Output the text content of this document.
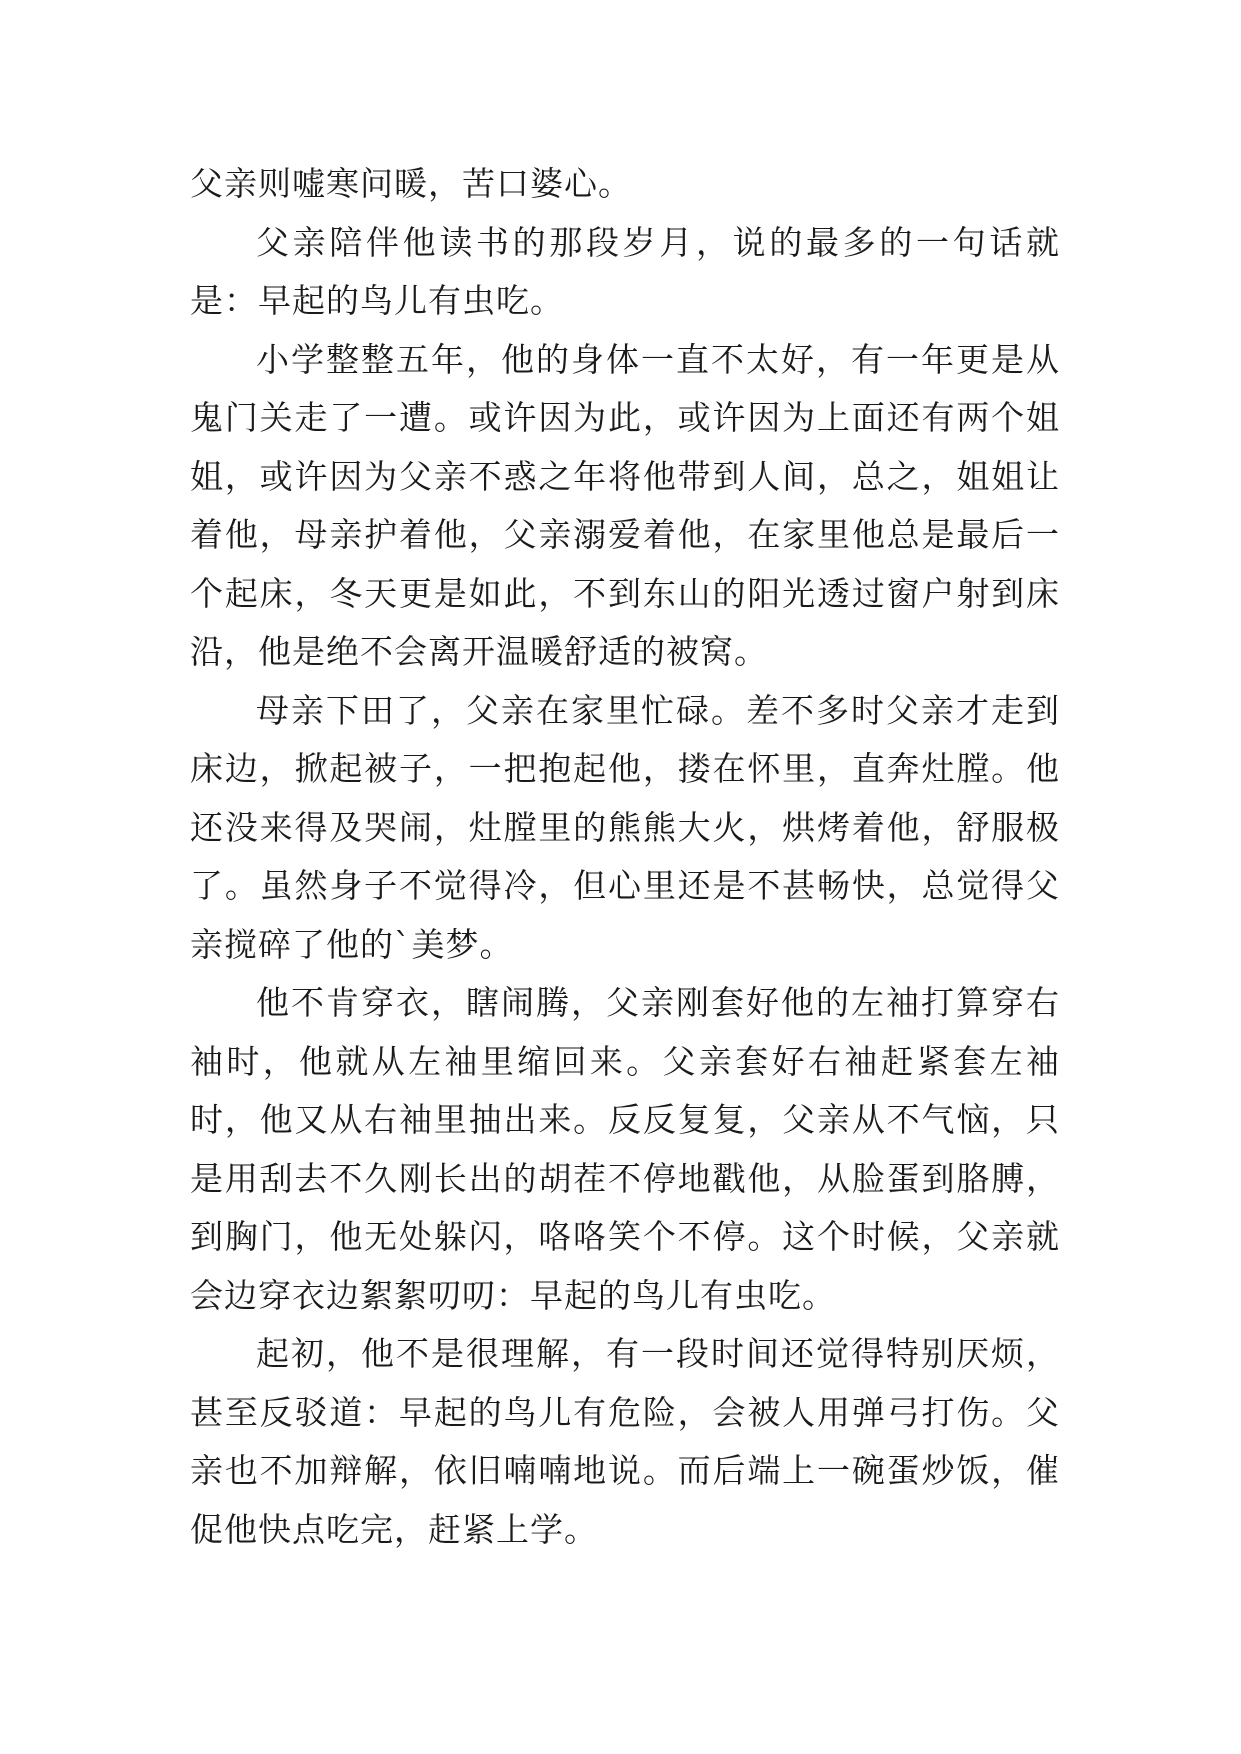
父亲则嘘寒问暖，苦口婆心。

父亲陪伴他读书的那段岁月，说的最多的一句话就是：早起的鸟儿有虫吃。

小学整整五年，他的身体一直不太好，有一年更是从鬼门关走了一遭。或许因为此，或许因为上面还有两个姐姐，或许因为父亲不惑之年将他带到人间，总之，姐姐让着他，母亲护着他，父亲溺爱着他，在家里他总是最后一个起床，冬天更是如此，不到东山的阳光透过窗户射到床沿，他是绝不会离开温暖舒适的被窝。

母亲下田了，父亲在家里忙碌。差不多时父亲才走到床边，掀起被子，一把抱起他，搂在怀里，直奔灶膛。他还没来得及哭闹，灶膛里的熊熊大火，烘烤着他，舒服极了。虽然身子不觉得冷，但心里还是不甚畅快，总觉得父亲搅碎了他的`美梦。

他不肯穿衣，瞎闹腾，父亲刚套好他的左袖打算穿右袖时，他就从左袖里缩回来。父亲套好右袖赶紧套左袖时，他又从右袖里抽出来。反反复复，父亲从不气恼，只是用刮去不久刚长出的胡茬不停地戳他，从脸蛋到胳膊，到胸门，他无处躲闪，咯咯笑个不停。这个时候，父亲就会边穿衣边絮絮叨叨：早起的鸟儿有虫吃。

起初，他不是很理解，有一段时间还觉得特别厌烦，甚至反驳道：早起的鸟儿有危险，会被人用弹弓打伤。父亲也不加辩解，依旧喃喃地说。而后端上一碗蛋炒饭，催促他快点吃完，赶紧上学。
